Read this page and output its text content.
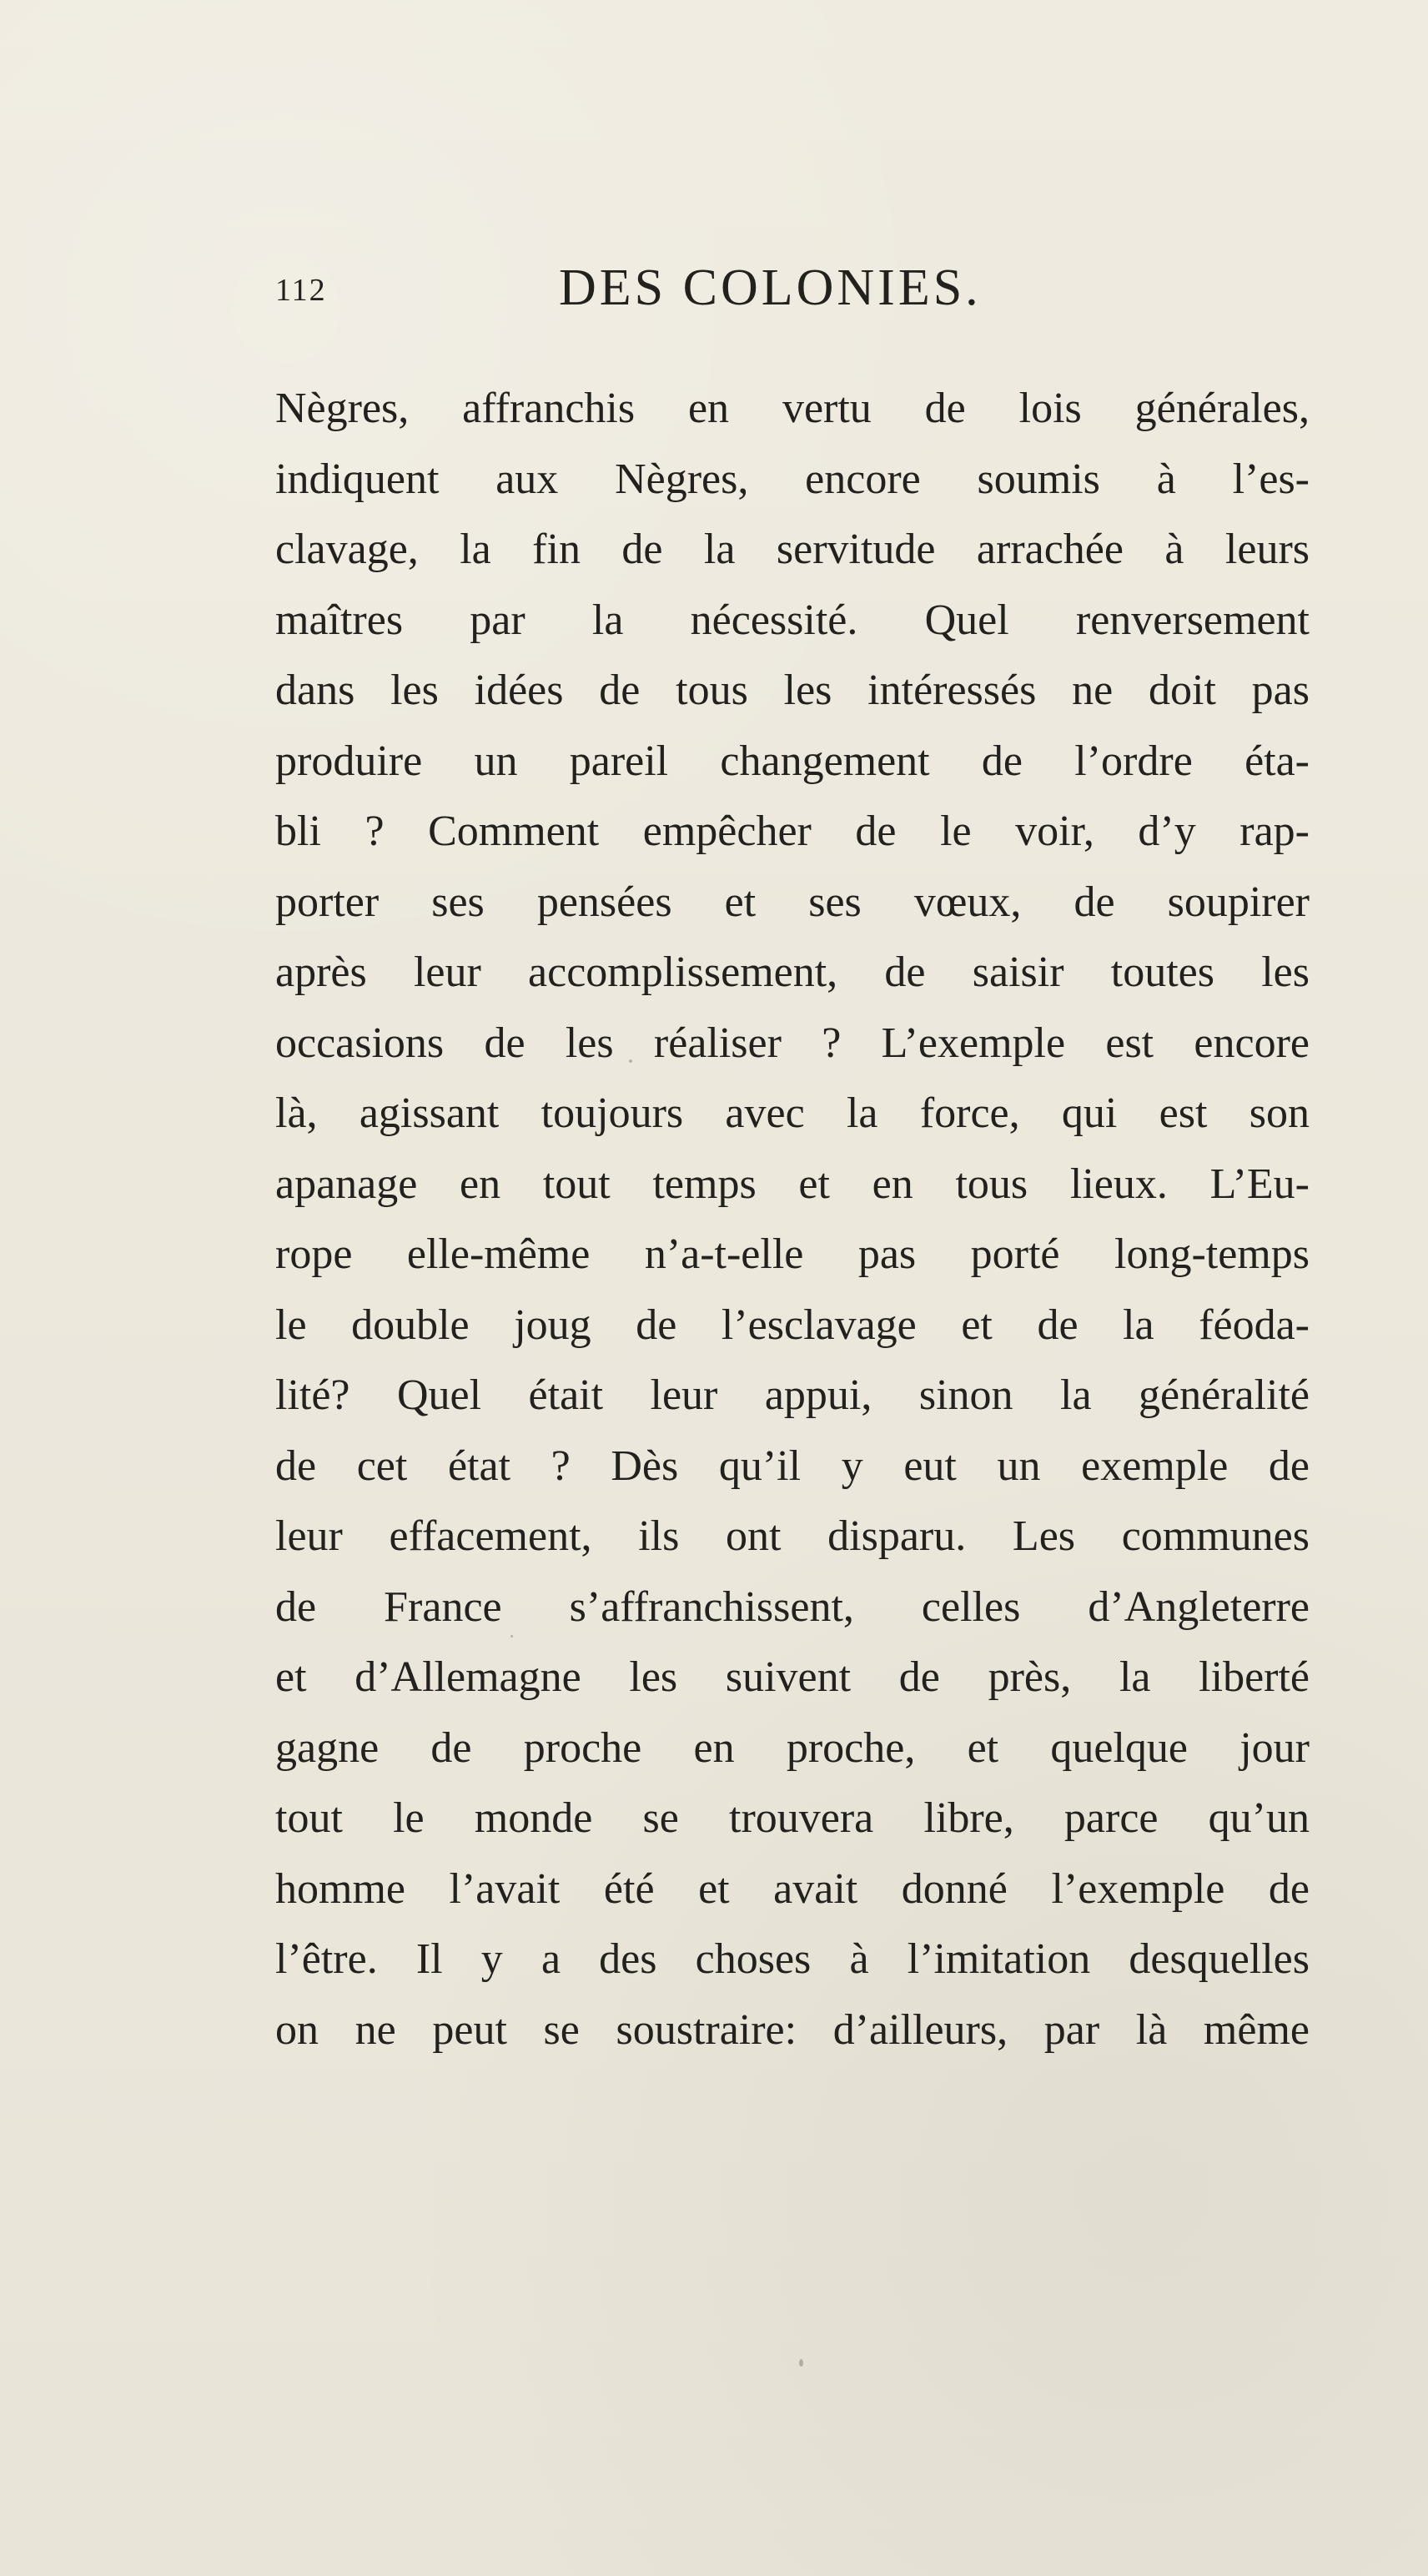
112	DES COLONIES.
Nègres, affranchis en vertu de lois générales,
indiquent aux Nègres, encore soumis à l’es-
clavage, la fin de la servitude arrachée à leurs
maîtres par la nécessité. Quel renversement
dans les idées de tous les intéressés ne doit pas
produire un pareil changement de l’ordre éta-
bli ? Comment empêcher de le voir, d’y rap-
porter ses pensées et ses vœux, de soupirer
après leur accomplissement, de saisir toutes les
occasions de les réaliser ? L’exemple est encore
là, agissant toujours avec la force, qui est son
apanage en tout temps et en tous lieux. L’Eu-
rope elle-même n’a-t-elle pas porté long-temps
le double joug de l’esclavage et de la féoda-
lité? Quel était leur appui, sinon la généralité
de cet état ? Dès qu’il y eut un exemple de
leur effacement, ils ont disparu. Les communes
de France s’affranchissent, celles d’Angleterre
et d’Allemagne les suivent de près, la liberté
gagne de proche en proche, et quelque jour
tout le monde se trouvera libre, parce qu’un
homme l’avait été et avait donné l’exemple de
l’être. Il y a des choses à l’imitation desquelles
on ne peut se soustraire: d’ailleurs, par là même
